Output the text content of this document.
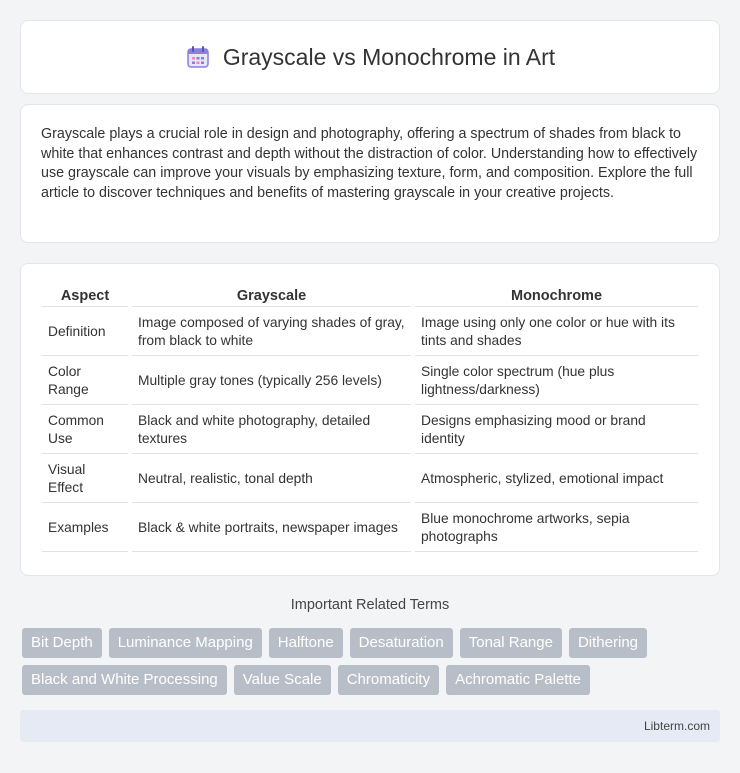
Grayscale vs Monochrome in Art

Grayscale plays a crucial role in design and photography, offering a spectrum of shades from black to white that enhances contrast and depth without the distraction of color. Understanding how to effectively use grayscale can improve your visuals by emphasizing texture, form, and composition. Explore the full article to discover techniques and benefits of mastering grayscale in your creative projects.

Aspect	Grayscale	Monochrome
Definition	Image composed of varying shades of gray, from black to white	Image using only one color or hue with its tints and shades
Color Range	Multiple gray tones (typically 256 levels)	Single color spectrum (hue plus lightness/darkness)
Common Use	Black and white photography, detailed textures	Designs emphasizing mood or brand identity
Visual Effect	Neutral, realistic, tonal depth	Atmospheric, stylized, emotional impact
Examples	Black & white portraits, newspaper images	Blue monochrome artworks, sepia photographs
Important Related Terms
Bit Depth	Luminance Mapping	Halftone	Desaturation	Tonal Range	Dithering
Black and White Processing	Value Scale	Chromaticity	Achromatic Palette
Libterm.com
